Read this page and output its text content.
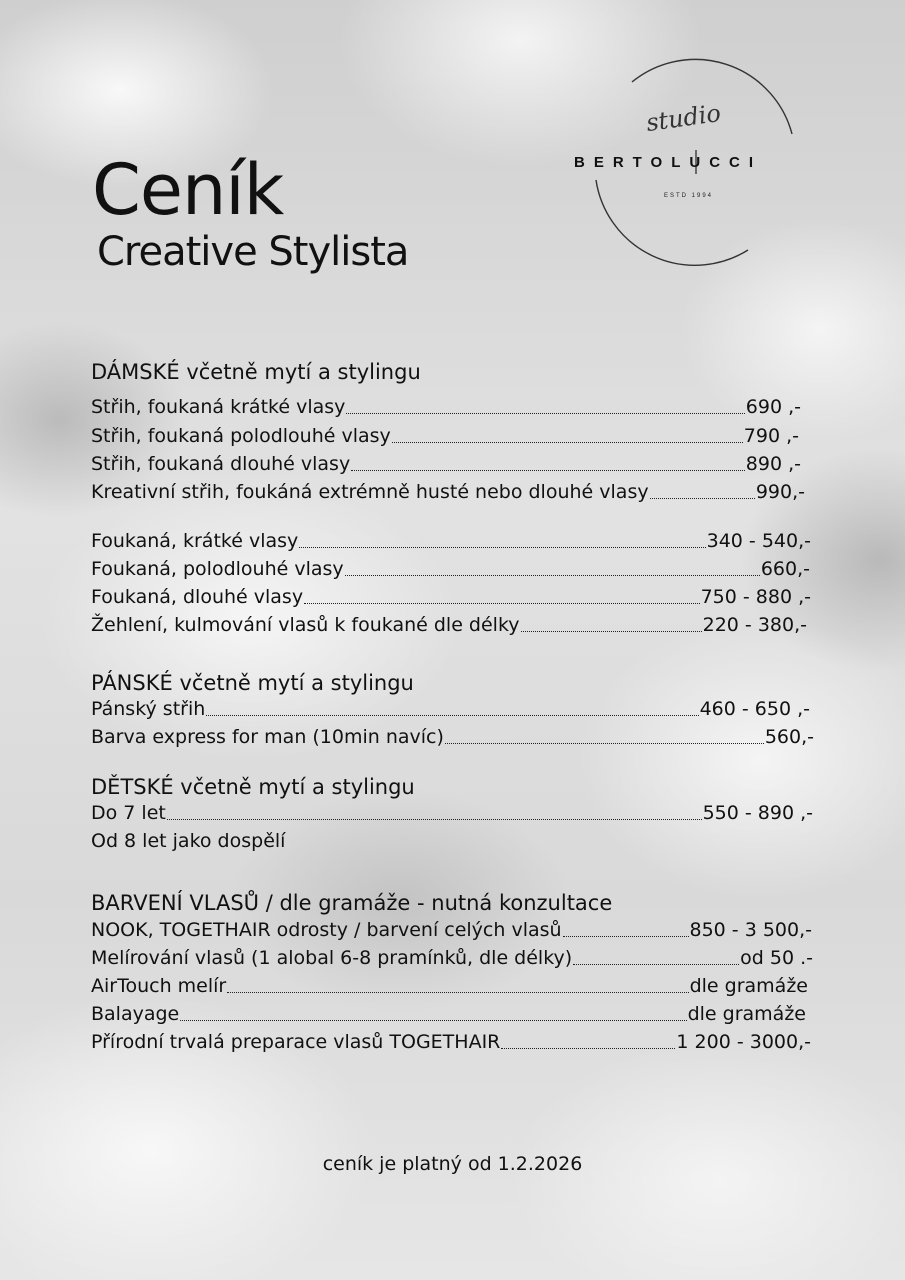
Ceník
Creative Stylista
studio
BERTOLUCCI
ESTD 1994
DÁMSKÉ včetně mytí a stylingu
Střih, foukaná krátké vlasy	690 ,-
Střih, foukaná polodlouhé vlasy	790 ,-
Střih, foukaná dlouhé vlasy	890 ,-
Kreativní střih, foukáná extrémně husté nebo dlouhé vlasy	990,-
Foukaná, krátké vlasy	340 - 540,-
Foukaná, polodlouhé vlasy	660,-
Foukaná, dlouhé vlasy	750 - 880 ,-
Žehlení, kulmování vlasů k foukané dle délky	220 - 380,-
PÁNSKÉ včetně mytí a stylingu
Pánský střih	460 - 650 ,-
Barva express for man (10min navíc)	560,-
DĚTSKÉ včetně mytí a stylingu
Do 7 let	550 - 890 ,-
Od 8 let jako dospělí
BARVENÍ VLASŮ / dle gramáže - nutná konzultace
NOOK, TOGETHAIR odrosty / barvení celých vlasů	850 - 3 500,-
Melírování vlasů (1 alobal 6-8 pramínků, dle délky)	od 50 .-
AirTouch melír	dle gramáže
Balayage	dle gramáže
Přírodní trvalá preparace vlasů TOGETHAIR	1 200 - 3000,-
ceník je platný od 1.2.2026
